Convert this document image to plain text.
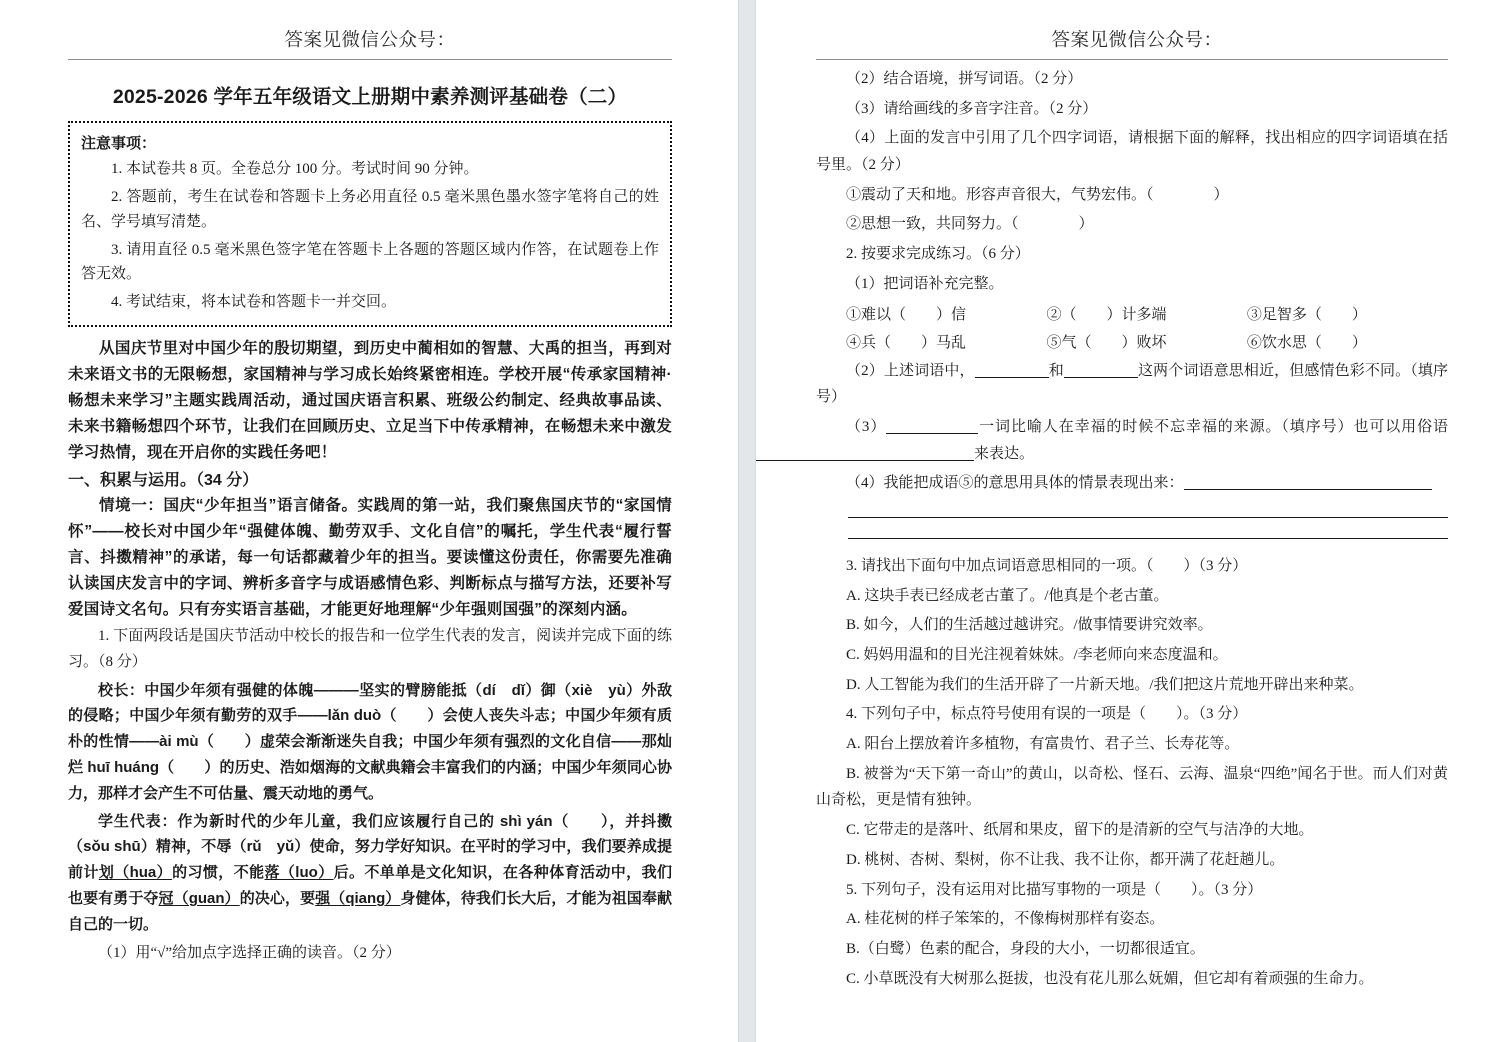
答案见微信公众号：
2025-2026 学年五年级语文上册期中素养测评基础卷（二）
注意事项：

1. 本试卷共 8 页。全卷总分 100 分。考试时间 90 分钟。

2. 答题前，考生在试卷和答题卡上务必用直径 0.5 毫米黑色墨水签字笔将自己的姓名、学号填写清楚。

3. 请用直径 0.5 毫米黑色签字笔在答题卡上各题的答题区域内作答，在试题卷上作答无效。

4. 考试结束，将本试卷和答题卡一并交回。

从国庆节里对中国少年的殷切期望，到历史中蔺相如的智慧、大禹的担当，再到对未来语文书的无限畅想，家国精神与学习成长始终紧密相连。学校开展“传承家国精神·畅想未来学习”主题实践周活动，通过国庆语言积累、班级公约制定、经典故事品读、未来书籍畅想四个环节，让我们在回顾历史、立足当下中传承精神，在畅想未来中激发学习热情，现在开启你的实践任务吧！

一、积累与运用。（34 分）

情境一：国庆“少年担当”语言储备。实践周的第一站，我们聚焦国庆节的“家国情怀”——校长对中国少年“强健体魄、勤劳双手、文化自信”的嘱托，学生代表“履行誓言、抖擞精神”的承诺，每一句话都藏着少年的担当。要读懂这份责任，你需要先准确认读国庆发言中的字词、辨析多音字与成语感情色彩、判断标点与描写方法，还要补写爱国诗文名句。只有夯实语言基础，才能更好地理解“少年强则国强”的深刻内涵。

1. 下面两段话是国庆节活动中校长的报告和一位学生代表的发言，阅读并完成下面的练习。（8 分）

校长：中国少年须有强健的体魄———坚实的臂膀能抵（dí　dǐ）御（xiè　yù）外敌的侵略；中国少年须有勤劳的双手——lǎn duò（　　）会使人丧失斗志；中国少年须有质朴的性情——ài mù（　　）虚荣会渐渐迷失自我；中国少年须有强烈的文化自信——那灿烂 huī huáng（　　）的历史、浩如烟海的文献典籍会丰富我们的内涵；中国少年须同心协力，那样才会产生不可估量、震天动地的勇气。

学生代表：作为新时代的少年儿童，我们应该履行自己的 shì yán（　　），并抖擞（sǒu shū）精神，不辱（rǔ　yǔ）使命，努力学好知识。在平时的学习中，我们要养成提前计划（hua）的习惯，不能落（luo）后。不单单是文化知识，在各种体育活动中，我们也要有勇于夺冠（guan）的决心，要强（qiang）身健体，待我们长大后，才能为祖国奉献自己的一切。

（1）用“√”给加点字选择正确的读音。（2 分）

答案见微信公众号：

（2）结合语境，拼写词语。（2 分）

（3）请给画线的多音字注音。（2 分）

（4）上面的发言中引用了几个四字词语，请根据下面的解释，找出相应的四字词语填在括号里。（2 分）

①震动了天和地。形容声音很大，气势宏伟。（　　　　）

②思想一致，共同努力。（　　　　）

2. 按要求完成练习。（6 分）

（1）把词语补充完整。

①难以（　　）信	②（　　）计多端	③足智多（　　）
④兵（　　）马乱	⑤气（　　）败坏	⑥饮水思（　　）

（2）上述词语中，	和	这两个词语意思相近，但感情色彩不同。（填序号）

（3）	一词比喻人在幸福的时候不忘幸福的来源。（填序号）也可以用俗语来表达。

（4）我能把成语⑤的意思用具体的情景表现出来：

3. 请找出下面句中加点词语意思相同的一项。（　　）（3 分）

A. 这块手表已经成老古董了。/他真是个老古董。

B. 如今，人们的生活越过越讲究。/做事情要讲究效率。

C. 妈妈用温和的目光注视着妹妹。/李老师向来态度温和。

D. 人工智能为我们的生活开辟了一片新天地。/我们把这片荒地开辟出来种菜。

4. 下列句子中，标点符号使用有误的一项是（　　）。（3 分）

A. 阳台上摆放着许多植物，有富贵竹、君子兰、长寿花等。

B. 被誉为“天下第一奇山”的黄山，以奇松、怪石、云海、温泉“四绝”闻名于世。而人们对黄山奇松，更是情有独钟。

C. 它带走的是落叶、纸屑和果皮，留下的是清新的空气与洁净的大地。

D. 桃树、杏树、梨树，你不让我、我不让你，都开满了花赶趟儿。

5. 下列句子，没有运用对比描写事物的一项是（　　）。（3 分）

A. 桂花树的样子笨笨的，不像梅树那样有姿态。

B.（白鹭）色素的配合，身段的大小，一切都很适宜。

C. 小草既没有大树那么挺拔，也没有花儿那么妩媚，但它却有着顽强的生命力。
